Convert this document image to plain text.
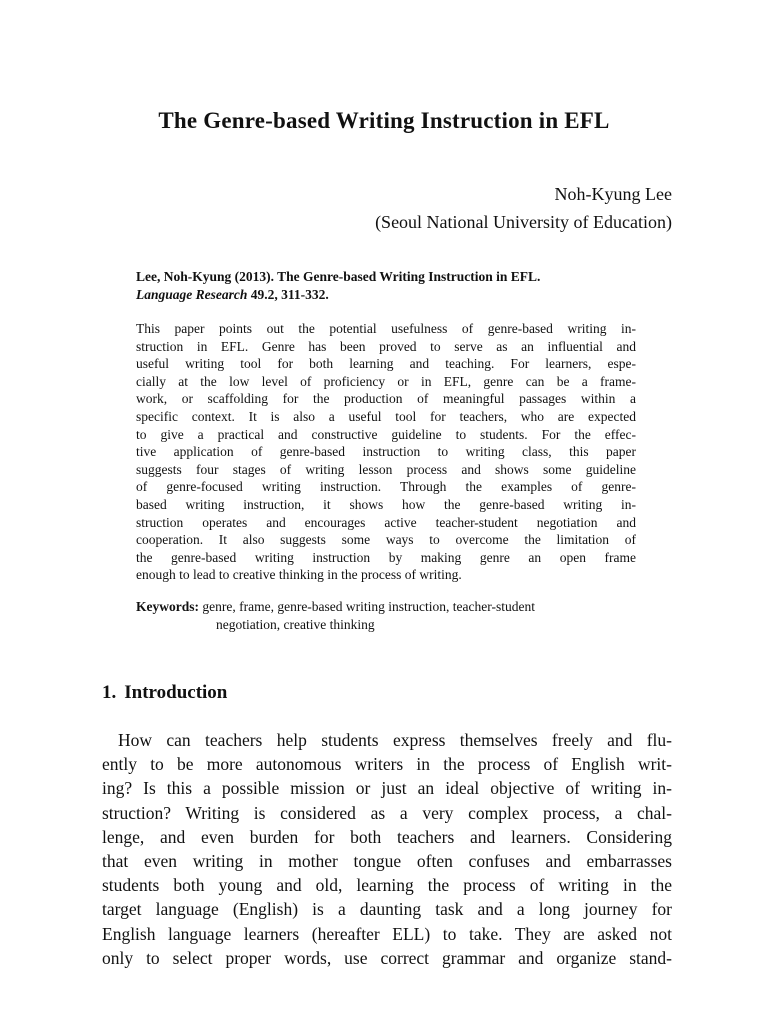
The Genre-based Writing Instruction in EFL
Noh-Kyung Lee
(Seoul National University of Education)
Lee, Noh-Kyung (2013). The Genre-based Writing Instruction in EFL.
Language Research 49.2, 311-332.
This paper points out the potential usefulness of genre-based writing in-
struction in EFL. Genre has been proved to serve as an influential and
useful writing tool for both learning and teaching. For learners, espe-
cially at the low level of proficiency or in EFL, genre can be a frame-
work, or scaffolding for the production of meaningful passages within a
specific context. It is also a useful tool for teachers, who are expected
to give a practical and constructive guideline to students. For the effec-
tive application of genre-based instruction to writing class, this paper
suggests four stages of writing lesson process and shows some guideline
of genre-focused writing instruction. Through the examples of genre-
based writing instruction, it shows how the genre-based writing in-
struction operates and encourages active teacher-student negotiation and
cooperation. It also suggests some ways to overcome the limitation of
the genre-based writing instruction by making genre an open frame
enough to lead to creative thinking in the process of writing.
Keywords: genre, frame, genre-based writing instruction, teacher-student
negotiation, creative thinking
1. Introduction
How can teachers help students express themselves freely and flu-
ently to be more autonomous writers in the process of English writ-
ing? Is this a possible mission or just an ideal objective of writing in-
struction? Writing is considered as a very complex process, a chal-
lenge, and even burden for both teachers and learners. Considering
that even writing in mother tongue often confuses and embarrasses
students both young and old, learning the process of writing in the
target language (English) is a daunting task and a long journey for
English language learners (hereafter ELL) to take. They are asked not
only to select proper words, use correct grammar and organize stand-
